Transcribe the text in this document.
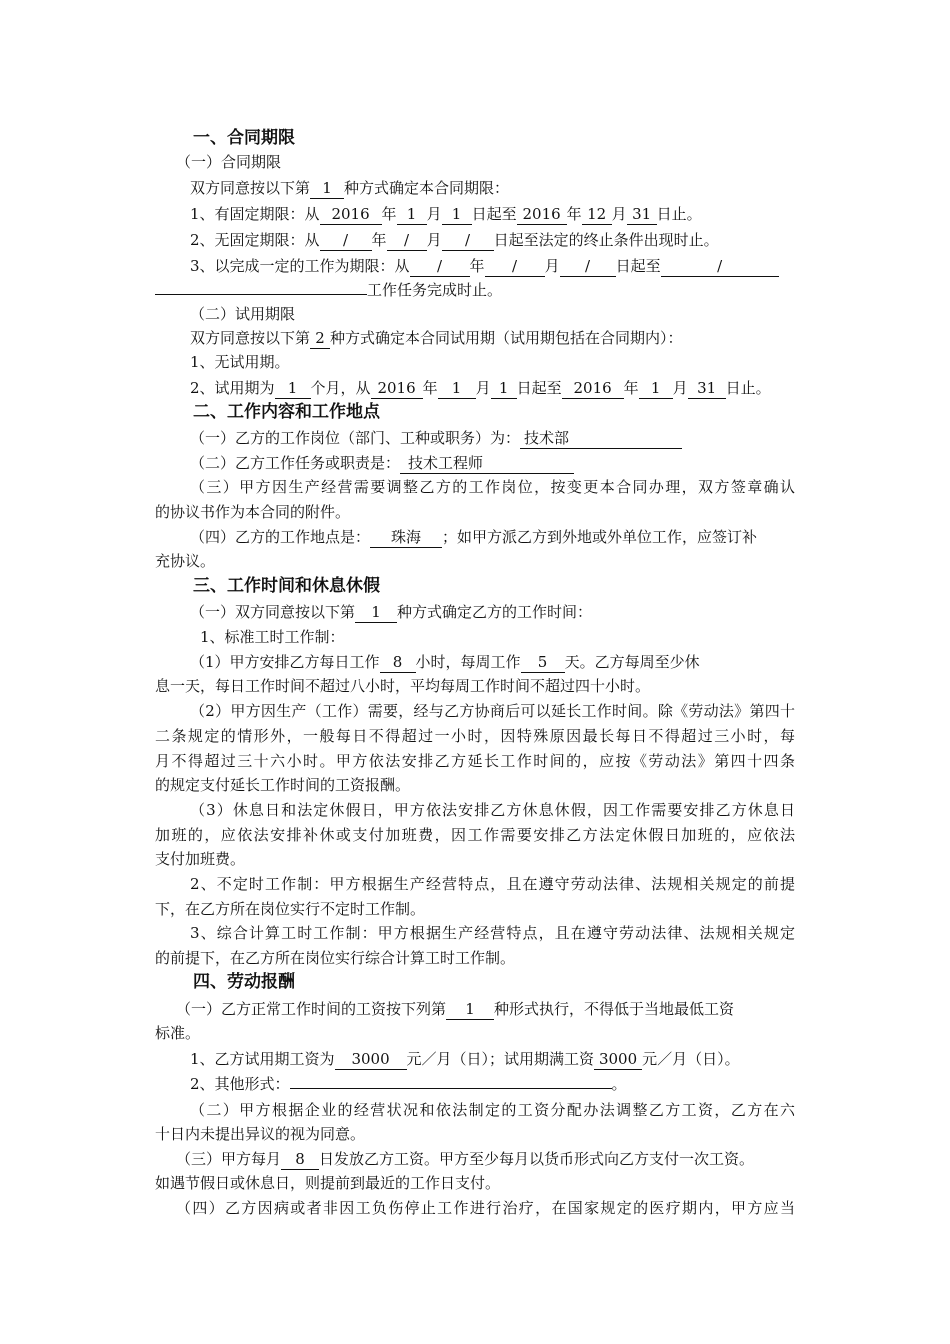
一、合同期限
（一）合同期限
双方同意按以下第 1 种方式确定本合同期限：
1、有固定期限：从 2016 年 1 月 1 日起至 2016 年 12 月 31 日止。
2、无固定期限：从 / 年 / 月 / 日起至法定的终止条件出现时止。
3、以完成一定的工作为期限：从 / 年 / 月 / 日起至	/
工作任务完成时止。
（二）试用期限
双方同意按以下第 2 种方式确定本合同试用期（试用期包括在合同期内）：
1、无试用期。
2、试用期为 1 个月，从 2016 年 1 月 1 日起至 2016 年 1 月 31 日止。
二、工作内容和工作地点
（一）乙方的工作岗位（部门、工种或职务）为： 技术部
（二）乙方工作任务或职责是： 技术工程师
（三）甲方因生产经营需要调整乙方的工作岗位，按变更本合同办理，双方签章确认
的协议书作为本合同的附件。
（四）乙方的工作地点是： 珠海 ；如甲方派乙方到外地或外单位工作，应签订补
充协议。
三、工作时间和休息休假
（一）双方同意按以下第 1 种方式确定乙方的工作时间：
1、标准工时工作制：
（1）甲方安排乙方每日工作 8 小时，每周工作 5 天。乙方每周至少休
息一天，每日工作时间不超过八小时，平均每周工作时间不超过四十小时。
（2）甲方因生产（工作）需要，经与乙方协商后可以延长工作时间。除《劳动法》第四十
二条规定的情形外，一般每日不得超过一小时，因特殊原因最长每日不得超过三小时，每
月不得超过三十六小时。甲方依法安排乙方延长工作时间的，应按《劳动法》第四十四条
的规定支付延长工作时间的工资报酬。
（3）休息日和法定休假日，甲方依法安排乙方休息休假，因工作需要安排乙方休息日
加班的，应依法安排补休或支付加班费，因工作需要安排乙方法定休假日加班的，应依法
支付加班费。
2、不定时工作制：甲方根据生产经营特点，且在遵守劳动法律、法规相关规定的前提
下，在乙方所在岗位实行不定时工作制。
3、综合计算工时工作制：甲方根据生产经营特点，且在遵守劳动法律、法规相关规定
的前提下，在乙方所在岗位实行综合计算工时工作制。
四、劳动报酬
（一）乙方正常工作时间的工资按下列第 1 种形式执行，不得低于当地最低工资
标准。
1、乙方试用期工资为 3000 元／月（日）；试用期满工资 3000 元／月（日）。
2、其他形式：	。
（二）甲方根据企业的经营状况和依法制定的工资分配办法调整乙方工资，乙方在六
十日内未提出异议的视为同意。
（三）甲方每月 8 日发放乙方工资。甲方至少每月以货币形式向乙方支付一次工资。
如遇节假日或休息日，则提前到最近的工作日支付。
（四）乙方因病或者非因工负伤停止工作进行治疗，在国家规定的医疗期内，甲方应当
